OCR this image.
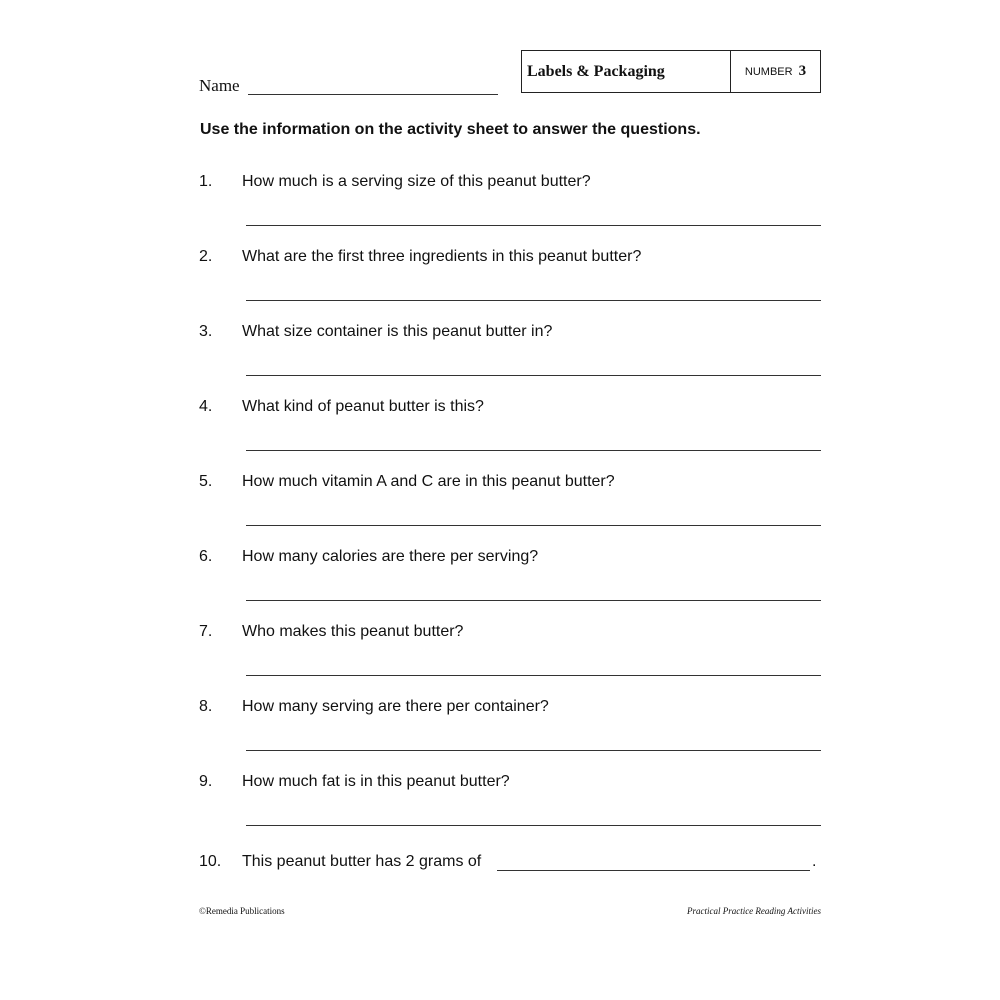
Name
Labels & Packaging	NUMBER 3
Use the information on the activity sheet to answer the questions.
1. How much is a serving size of this peanut butter?
2. What are the first three ingredients in this peanut butter?
3. What size container is this peanut butter in?
4. What kind of peanut butter is this?
5. How much vitamin A and C are in this peanut butter?
6. How many calories are there per serving?
7. Who makes this peanut butter?
8. How many serving are there per container?
9. How much fat is in this peanut butter?
10. This peanut butter has 2 grams of	.
©Remedia Publications	Practical Practice Reading Activities
